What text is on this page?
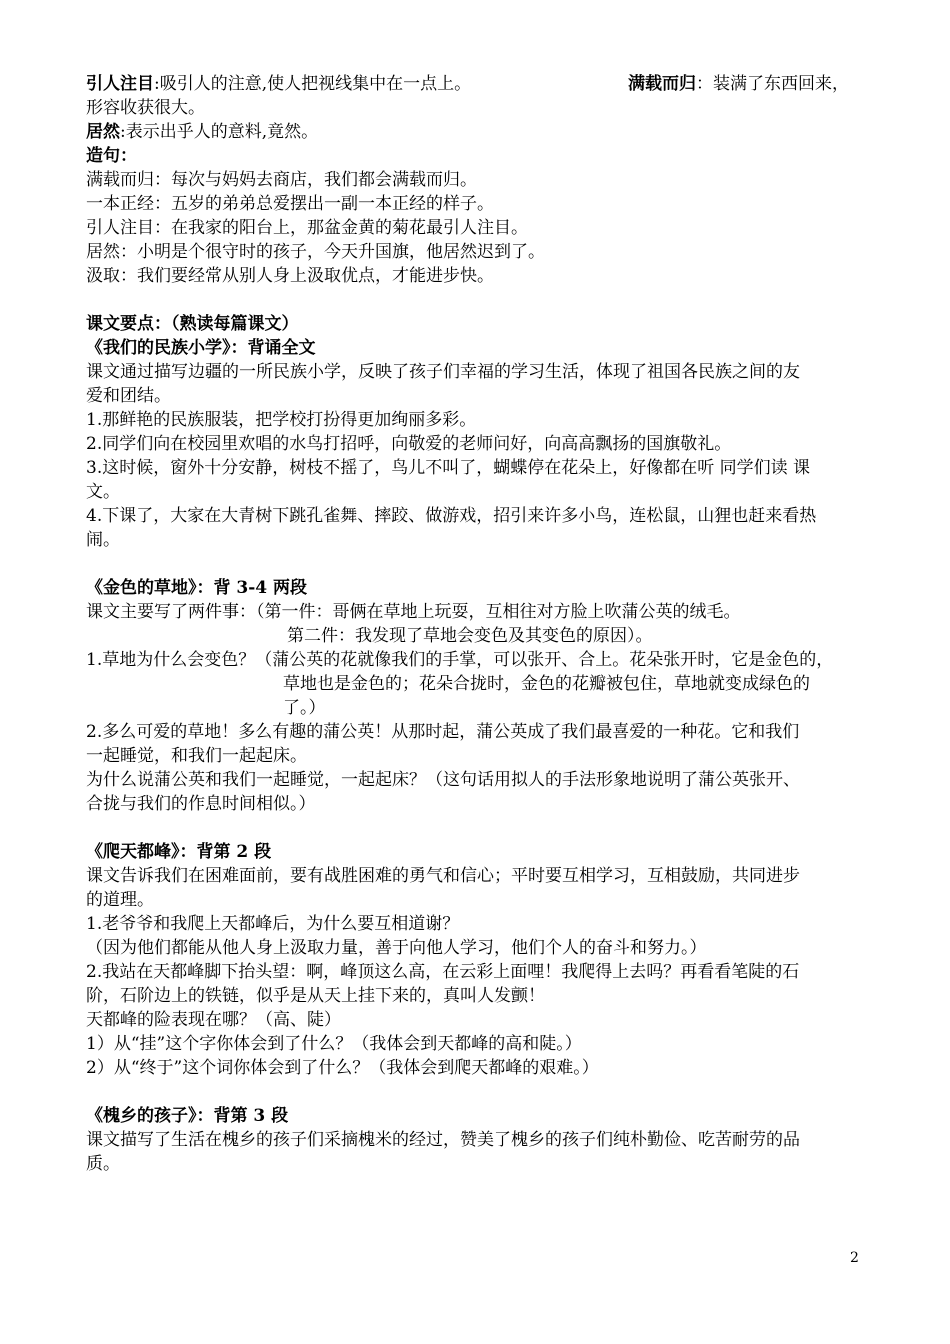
引人注目:吸引人的注意,使人把视线集中在一点上。	满载而归：装满了东西回来，
形容收获很大。
居然:表示出乎人的意料,竟然。
造句：
满载而归：每次与妈妈去商店，我们都会满载而归。
一本正经：五岁的弟弟总爱摆出一副一本正经的样子。
引人注目：在我家的阳台上，那盆金黄的菊花最引人注目。
居然：小明是个很守时的孩子，今天升国旗，他居然迟到了。
汲取：我们要经常从别人身上汲取优点，才能进步快。
课文要点：（熟读每篇课文）
《我们的民族小学》：背诵全文
课文通过描写边疆的一所民族小学，反映了孩子们幸福的学习生活，体现了祖国各民族之间的友
爱和团结。
1.那鲜艳的民族服装，把学校打扮得更加绚丽多彩。
2.同学们向在校园里欢唱的水鸟打招呼，向敬爱的老师问好，向高高飘扬的国旗敬礼。
3.这时候，窗外十分安静，树枝不摇了，鸟儿不叫了，蝴蝶停在花朵上，好像都在听 同学们读 课
文。
4.下课了，大家在大青树下跳孔雀舞、摔跤、做游戏，招引来许多小鸟，连松鼠，山狸也赶来看热
闹。
《金色的草地》：背 3-4 两段
课文主要写了两件事：（第一件：哥俩在草地上玩耍，互相往对方脸上吹蒲公英的绒毛。
第二件：我发现了草地会变色及其变色的原因）。
1.草地为什么会变色？（蒲公英的花就像我们的手掌，可以张开、合上。花朵张开时，它是金色的，
草地也是金色的；花朵合拢时，金色的花瓣被包住，草地就变成绿色的
了。）
2.多么可爱的草地！多么有趣的蒲公英！从那时起，蒲公英成了我们最喜爱的一种花。它和我们
一起睡觉，和我们一起起床。
为什么说蒲公英和我们一起睡觉，一起起床？（这句话用拟人的手法形象地说明了蒲公英张开、
合拢与我们的作息时间相似。）
《爬天都峰》：背第 2 段
课文告诉我们在困难面前，要有战胜困难的勇气和信心；平时要互相学习，互相鼓励，共同进步
的道理。
1.老爷爷和我爬上天都峰后，为什么要互相道谢？
（因为他们都能从他人身上汲取力量，善于向他人学习，他们个人的奋斗和努力。）
2.我站在天都峰脚下抬头望：啊，峰顶这么高，在云彩上面哩！我爬得上去吗？再看看笔陡的石
阶，石阶边上的铁链，似乎是从天上挂下来的，真叫人发颤！
天都峰的险表现在哪？（高、陡）
1）从“挂”这个字你体会到了什么？（我体会到天都峰的高和陡。）
2）从“终于”这个词你体会到了什么？（我体会到爬天都峰的艰难。）
《槐乡的孩子》：背第 3 段
课文描写了生活在槐乡的孩子们采摘槐米的经过，赞美了槐乡的孩子们纯朴勤俭、吃苦耐劳的品
质。
2
